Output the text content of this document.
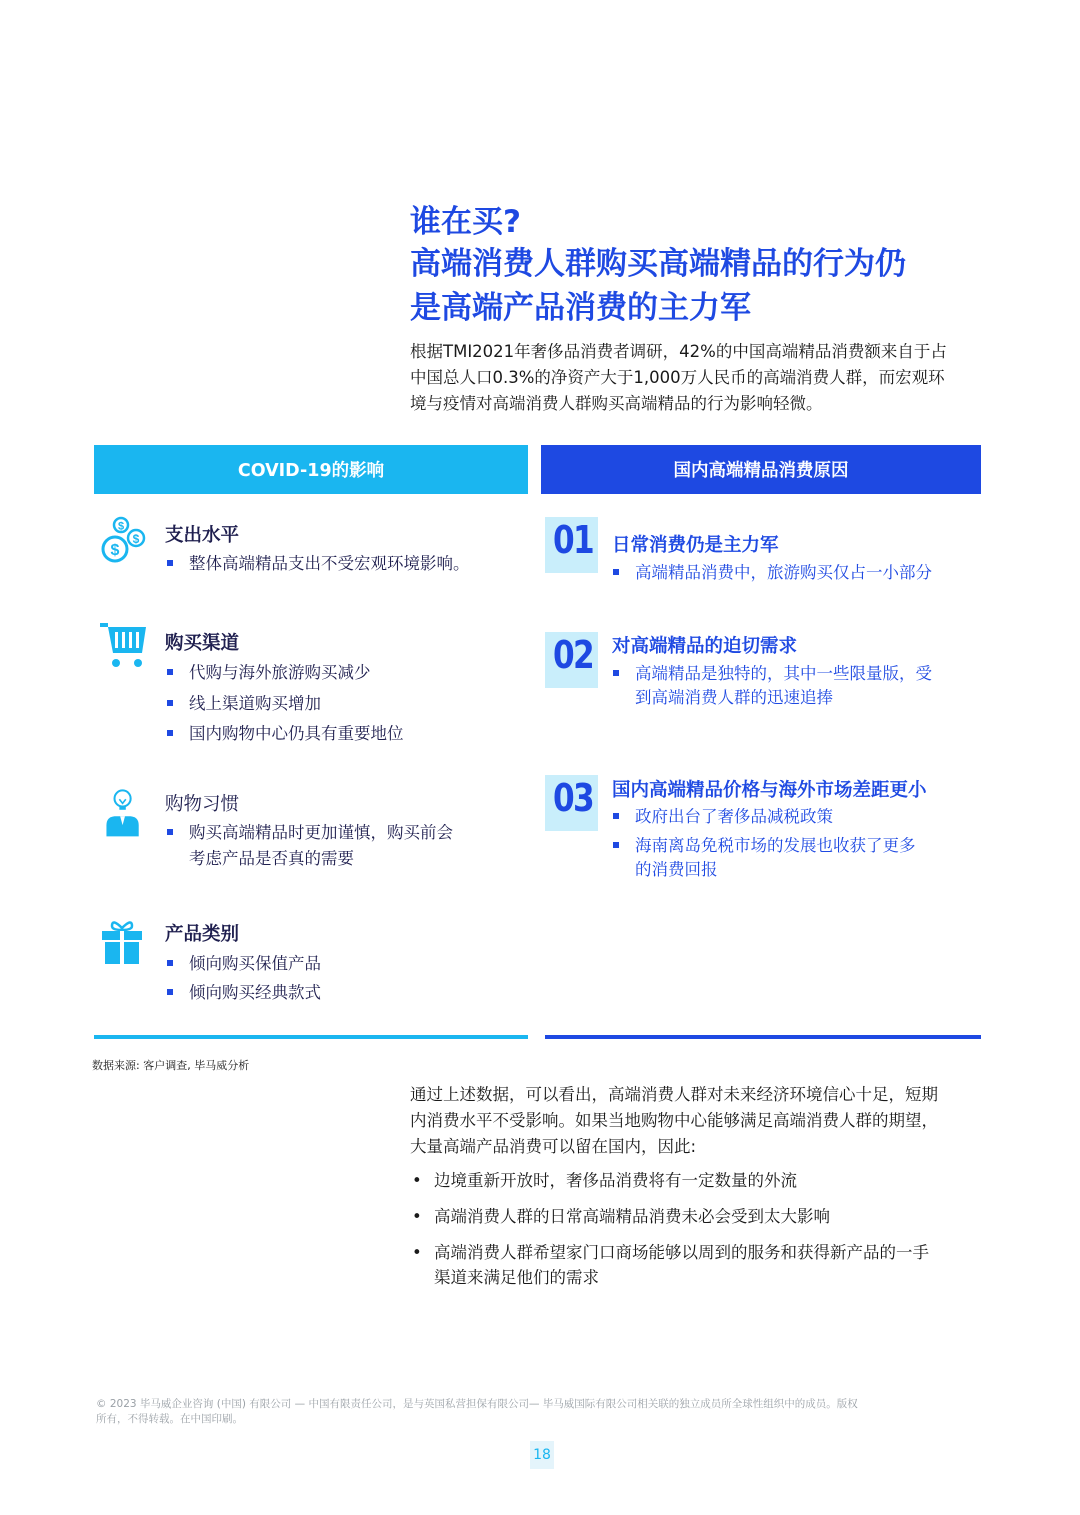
谁在买?
高端消费人群购买高端精品的行为仍
是高端产品消费的主力军
根据TMI2021年奢侈品消费者调研，42%的中国高端精品消费额来自于占
中国总人口0.3%的净资产大于1,000万人民币的高端消费人群，而宏观环
境与疫情对高端消费人群购买高端精品的行为影响轻微。
COVID-19的影响	国内高端精品消费原因
$
$
$
支出水平
整体高端精品支出不受宏观环境影响。
购买渠道
代购与海外旅游购买减少
线上渠道购买增加
国内购物中心仍具有重要地位
购物习惯
购买高端精品时更加谨慎，购买前会
考虑产品是否真的需要
产品类别
倾向购买保值产品
倾向购买经典款式
01 日常消费仍是主力军
高端精品消费中，旅游购买仅占一小部分
02 对高端精品的迫切需求
高端精品是独特的，其中一些限量版，受
到高端消费人群的迅速追捧
03 国内高端精品价格与海外市场差距更小
政府出台了奢侈品减税政策
海南离岛免税市场的发展也收获了更多
的消费回报
数据来源: 客户调查, 毕马威分析
通过上述数据，可以看出，高端消费人群对未来经济环境信心十足，短期
内消费水平不受影响。如果当地购物中心能够满足高端消费人群的期望，
大量高端产品消费可以留在国内，因此:
• 边境重新开放时，奢侈品消费将有一定数量的外流
• 高端消费人群的日常高端精品消费未必会受到太大影响
• 高端消费人群希望家门口商场能够以周到的服务和获得新产品的一手
渠道来满足他们的需求
© 2023 毕马威企业咨询 (中国) 有限公司 — 中国有限责任公司，是与英国私营担保有限公司— 毕马威国际有限公司相关联的独立成员所全球性组织中的成员。版权
所有，不得转载。在中国印刷。
18
